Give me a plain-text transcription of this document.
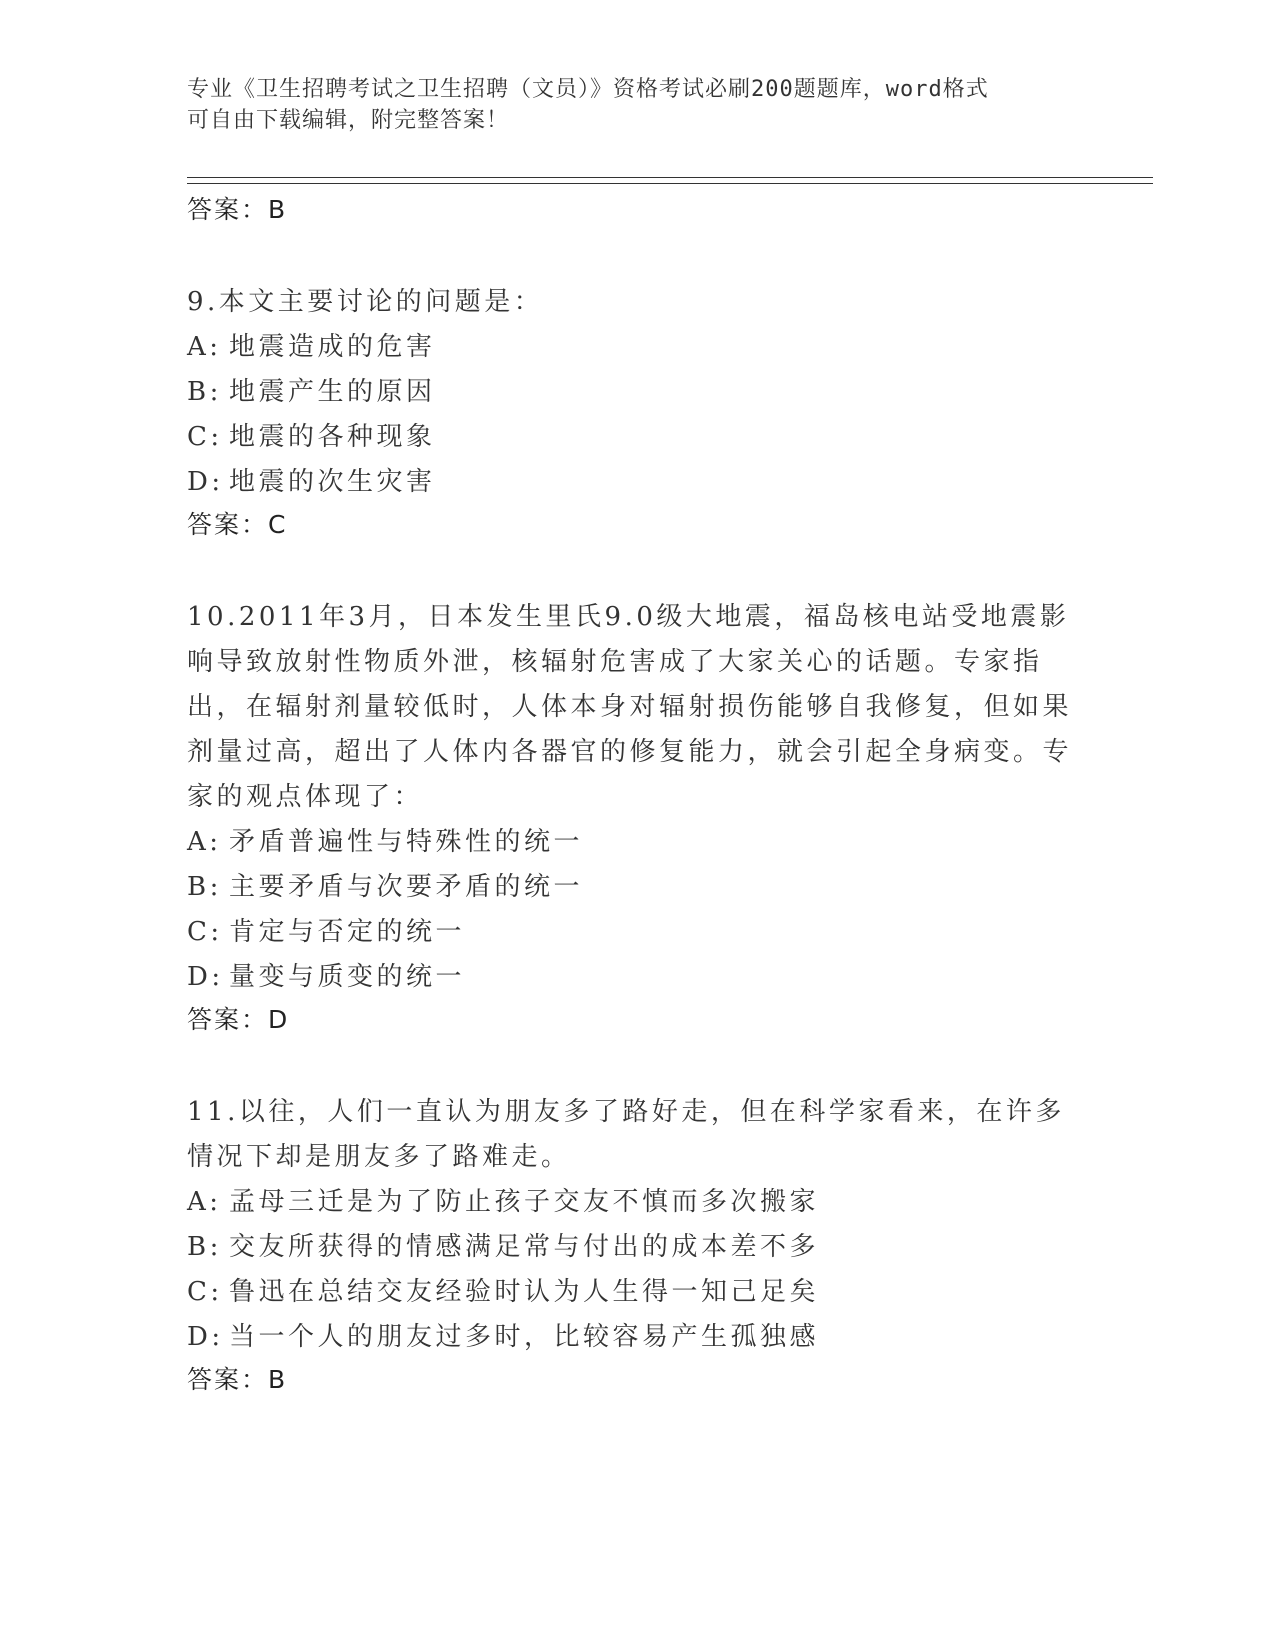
专业《卫生招聘考试之卫生招聘（文员）》资格考试必刷200题题库，word格式
可自由下载编辑，附完整答案！
答案：B
9.本文主要讨论的问题是：
A: 地震造成的危害
B: 地震产生的原因
C: 地震的各种现象
D: 地震的次生灾害
答案：C
10.2011年3月，日本发生里氏9.0级大地震，福岛核电站受地震影响导致放射性物质外泄，核辐射危害成了大家关心的话题。专家指出，在辐射剂量较低时，人体本身对辐射损伤能够自我修复，但如果剂量过高，超出了人体内各器官的修复能力，就会引起全身病变。专家的观点体现了：
A: 矛盾普遍性与特殊性的统一
B: 主要矛盾与次要矛盾的统一
C: 肯定与否定的统一
D: 量变与质变的统一
答案：D
11.以往，人们一直认为朋友多了路好走，但在科学家看来，在许多情况下却是朋友多了路难走。
A: 孟母三迁是为了防止孩子交友不慎而多次搬家
B: 交友所获得的情感满足常与付出的成本差不多
C: 鲁迅在总结交友经验时认为人生得一知己足矣
D: 当一个人的朋友过多时，比较容易产生孤独感
答案：B
